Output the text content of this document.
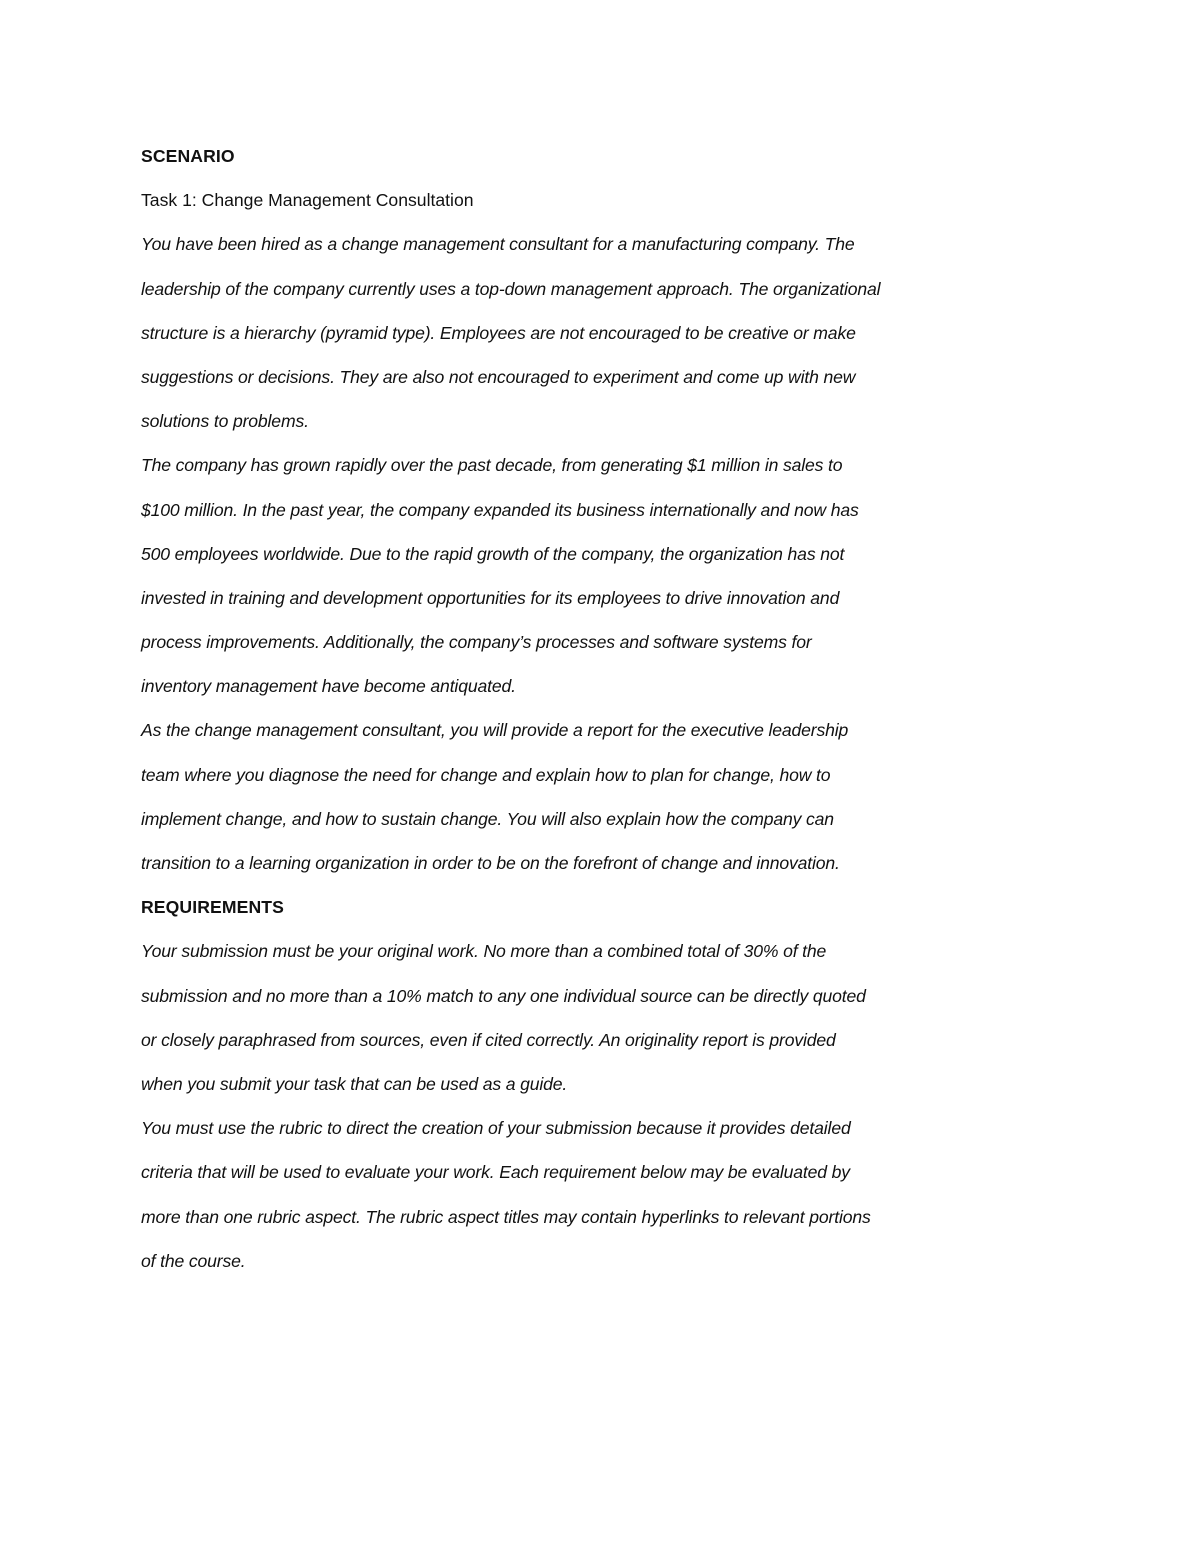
SCENARIO
Task 1: Change Management Consultation
You have been hired as a change management consultant for a manufacturing company. The
leadership of the company currently uses a top-down management approach. The organizational
structure is a hierarchy (pyramid type). Employees are not encouraged to be creative or make
suggestions or decisions. They are also not encouraged to experiment and come up with new
solutions to problems.
The company has grown rapidly over the past decade, from generating $1 million in sales to
$100 million. In the past year, the company expanded its business internationally and now has
500 employees worldwide. Due to the rapid growth of the company, the organization has not
invested in training and development opportunities for its employees to drive innovation and
process improvements. Additionally, the company’s processes and software systems for
inventory management have become antiquated.
As the change management consultant, you will provide a report for the executive leadership
team where you diagnose the need for change and explain how to plan for change, how to
implement change, and how to sustain change. You will also explain how the company can
transition to a learning organization in order to be on the forefront of change and innovation.
REQUIREMENTS
Your submission must be your original work. No more than a combined total of 30% of the
submission and no more than a 10% match to any one individual source can be directly quoted
or closely paraphrased from sources, even if cited correctly. An originality report is provided
when you submit your task that can be used as a guide.
You must use the rubric to direct the creation of your submission because it provides detailed
criteria that will be used to evaluate your work. Each requirement below may be evaluated by
more than one rubric aspect. The rubric aspect titles may contain hyperlinks to relevant portions
of the course.
